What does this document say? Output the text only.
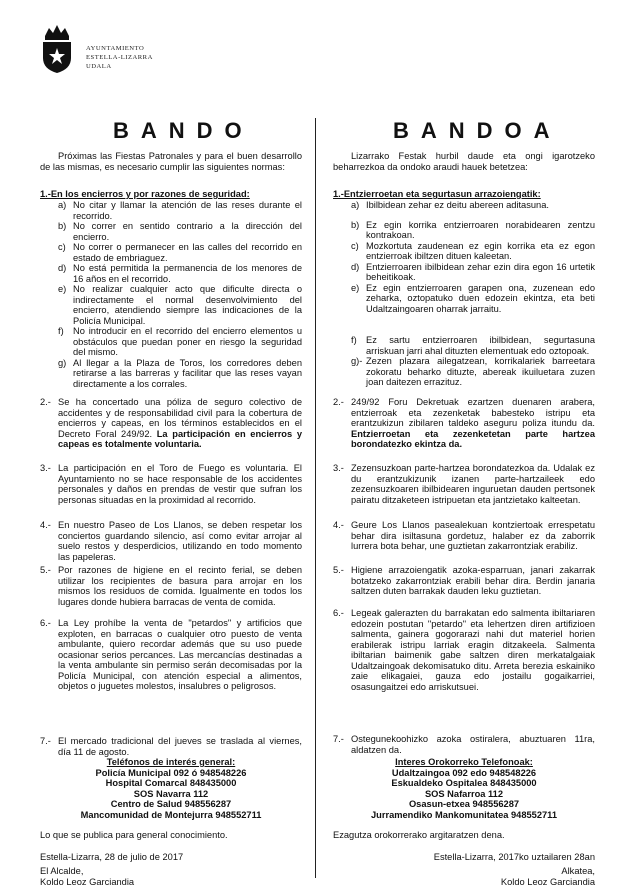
AYUNTAMIENTO
ESTELLA-LIZARRA
UDALA
BANDO	BANDOA

Próximas las Fiestas Patronales y para el buen desarrollo de las mismas, es necesario cumplir las siguientes normas:

1.-En los encierros y por razones de seguridad:

a) No citar y llamar la atención de las reses durante el recorrido.
b) No correr en sentido contrario a la dirección del encierro.
c) No correr o permanecer en las calles del recorrido en estado de embriaguez.
d) No está permitida la permanencia de los menores de 16 años en el recorrido.
e) No realizar cualquier acto que dificulte directa o indirectamente el normal desenvolvimiento del encierro, atendiendo siempre las indicaciones de la Policía Municipal.
f)	No introducir en el recorrido del encierro elementos u obstáculos que puedan poner en riesgo la seguridad del mismo.
g) Al llegar a la Plaza de Toros, los corredores deben retirarse a las barreras y facilitar que las reses vayan directamente a los corrales.
2.- Se ha concertado una póliza de seguro colectivo de accidentes y de responsabilidad civil para la cobertura de encierros y capeas, en los términos establecidos en el Decreto Foral 249/92. La participación en encierros y capeas es totalmente voluntaria.
3.- La participación en el Toro de Fuego es voluntaria. El Ayuntamiento no se hace responsable de los accidentes personales y daños en prendas de vestir que sufran los personas situadas en la proximidad al recorrido.
4.- En nuestro Paseo de Los Llanos, se deben respetar los conciertos guardando silencio, así como evitar arrojar al suelo restos y desperdicios, utilizando en todo momento las papeleras.
5.- Por razones de higiene en el recinto ferial, se deben utilizar los recipientes de basura para arrojar en los mismos los residuos de comida. Igualmente en todos los lugares donde hubiera barracas de venta de comida.
6.- La Ley prohíbe la venta de "petardos" y artificios que exploten, en barracas o cualquier otro puesto de venta ambulante, quiero recordar además que su uso puede ocasionar serios percances. Las mercancías destinadas a la venta ambulante sin permiso serán decomisadas por la Policía Municipal, con atención especial a alimentos, objetos o juguetes molestos, insalubres o peligrosos.
7.- El mercado tradicional del jueves se traslada al viernes, día 11 de agosto.

Teléfonos de interés general:

Policía Municipal 092 ó 948548226

Hospital Comarcal 848435000

SOS Navarra 112

Centro de Salud 948556287

Mancomunidad de Montejurra 948552711

Lo que se publica para general conocimiento.

Estella-Lizarra, 28 de julio de 2017

El Alcalde,

Koldo Leoz Garciandia

Lizarrako Festak hurbil daude eta ongi igarotzeko beharrezkoa da ondoko araudi hauek betetzea:

1.-Entzierroetan eta segurtasun arrazoiengatik:

a) Ibilbidean zehar ez deitu abereen aditasuna.
b) Ez egin korrika entzierroaren norabidearen zentzu kontrakoan.
c) Mozkortuta zaudenean ez egin korrika eta ez egon entzierroak ibiltzen dituen kaleetan.
d) Entzierroaren ibilbidean zehar ezin dira egon 16 urtetik beheitikoak.
e) Ez egin entzierroaren garapen ona, zuzenean edo zeharka, oztopatuko duen edozein ekintza, eta beti Udaltzaingoaren oharrak jarraitu.
f)	Ez sartu entzierroaren ibilbidean, segurtasuna arriskuan jarri ahal dituzten elementuak edo oztopoak.
g)- Zezen plazara ailegatzean, korrikalariek barreetara zokoratu beharko dituzte, abereak ikuiluetara zuzen joan daitezen errazituz.
2.- 249/92 Foru Dekretuak ezartzen duenaren arabera, entzierroak eta zezenketak babesteko istripu eta erantzukizun zibilaren taldeko aseguru poliza itundu da. Entzierroetan eta zezenketetan parte hartzea borondatezko ekintza da.
3.- Zezensuzkoan parte-hartzea borondatezkoa da. Udalak ez du erantzukizunik izanen parte-hartzaileek edo zezensuzkoaren ibilbidearen inguruetan dauden pertsonek pairatu ditzaketeen istripuetan eta jantzietako kalteetan.
4.- Geure Los Llanos pasealekuan kontziertoak errespetatu behar dira isiltasuna gordetuz, halaber ez da zaborrik lurrera bota behar, une guztietan zakarrontziak erabiliz.
5.- Higiene arrazoiengatik azoka-esparruan, janari zakarrak botatzeko zakarrontziak erabili behar dira. Berdin janaria saltzen duten barrakak dauden leku guztietan.
6.- Legeak galerazten du barrakatan edo salmenta ibiltariaren edozein postutan "petardo" eta lehertzen diren artifizioen salmenta, gainera gogorarazi nahi dut materiel horien erabilerak istripu larriak eragin ditzakeela. Salmenta ibiltarian baimenik gabe saltzen diren merkatalgaiak Udaltzaingoak dekomisatuko ditu. Arreta berezia eskainiko zaie elikagaiei, gauza edo jostailu gogaikarriei, osasungaitzei edo arriskutsuei.
7.- Ostegunekoohizko azoka ostiralera, abuztuaren 11ra, aldatzen da.

Interes Orokorreko Telefonoak:

Udaltzaingoa 092 edo 948548226

Eskualdeko Ospitalea 848435000

SOS Nafarroa 112

Osasun-etxea 948556287

Jurramendiko Mankomunitatea 948552711

Ezagutza orokorrerako argitaratzen dena.

Estella-Lizarra, 2017ko uztailaren 28an

Alkatea,

Koldo Leoz Garciandia
